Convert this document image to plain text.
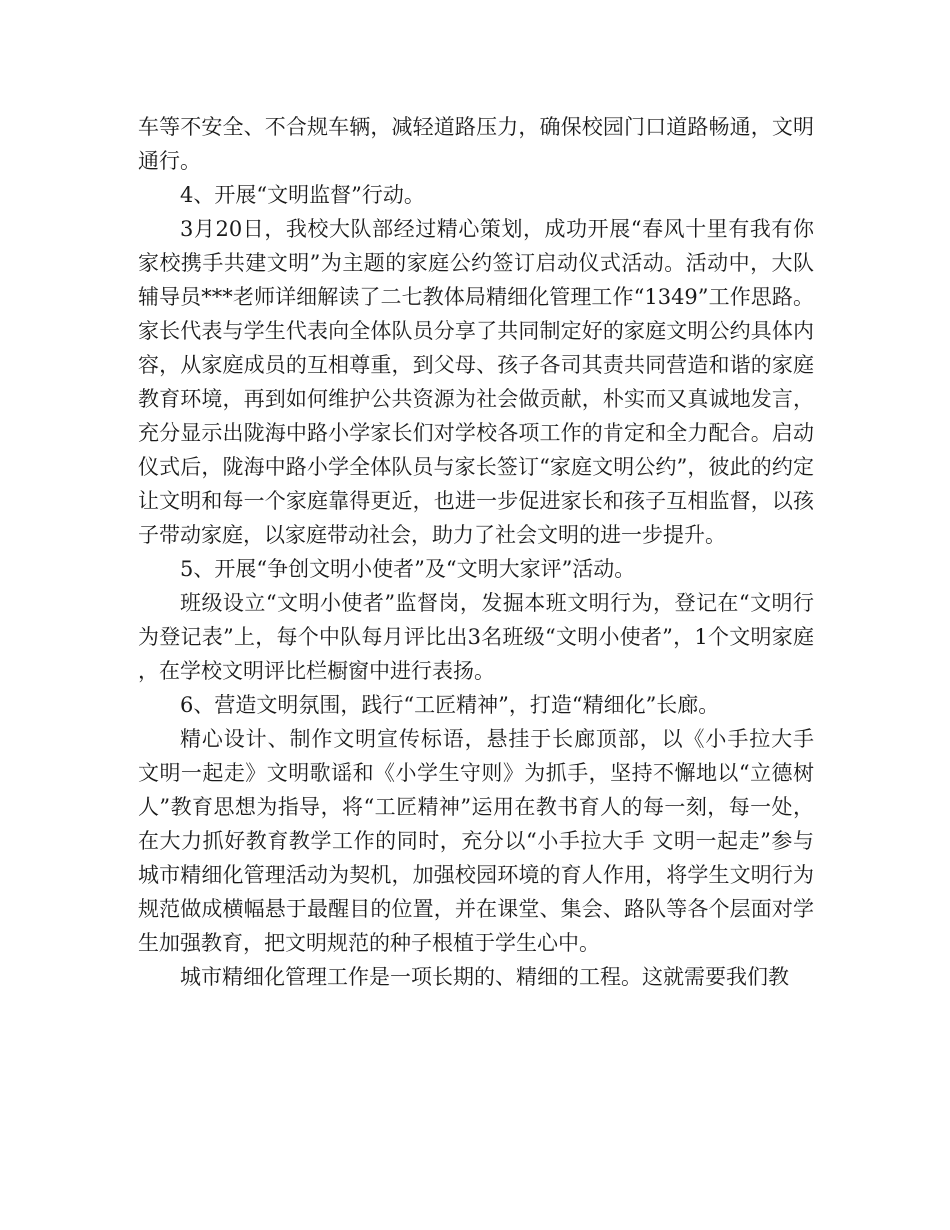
车等不安全、不合规车辆，减轻道路压力，确保校园门口道路畅通，文明通行。

4、开展“文明监督”行动。

3月20日，我校大队部经过精心策划，成功开展“春风十里有我有你 家校携手共建文明”为主题的家庭公约签订启动仪式活动。活动中，大队辅导员***老师详细解读了二七教体局精细化管理工作“1349”工作思路。家长代表与学生代表向全体队员分享了共同制定好的家庭文明公约具体内容，从家庭成员的互相尊重，到父母、孩子各司其责共同营造和谐的家庭教育环境，再到如何维护公共资源为社会做贡献，朴实而又真诚地发言，充分显示出陇海中路小学家长们对学校各项工作的肯定和全力配合。启动仪式后，陇海中路小学全体队员与家长签订“家庭文明公约”，彼此的约定让文明和每一个家庭靠得更近，也进一步促进家长和孩子互相监督，以孩子带动家庭，以家庭带动社会，助力了社会文明的进一步提升。

5、开展“争创文明小使者”及“文明大家评”活动。

班级设立“文明小使者”监督岗，发掘本班文明行为，登记在“文明行为登记表”上，每个中队每月评比出3名班级“文明小使者”，1个文明家庭，在学校文明评比栏橱窗中进行表扬。

6、营造文明氛围，践行“工匠精神”，打造“精细化”长廊。

精心设计、制作文明宣传标语，悬挂于长廊顶部，以《小手拉大手 文明一起走》文明歌谣和《小学生守则》为抓手，坚持不懈地以“立德树人”教育思想为指导，将“工匠精神”运用在教书育人的每一刻，每一处，在大力抓好教育教学工作的同时，充分以“小手拉大手 文明一起走”参与城市精细化管理活动为契机，加强校园环境的育人作用，将学生文明行为规范做成横幅悬于最醒目的位置，并在课堂、集会、路队等各个层面对学生加强教育，把文明规范的种子根植于学生心中。

城市精细化管理工作是一项长期的、精细的工程。这就需要我们教
